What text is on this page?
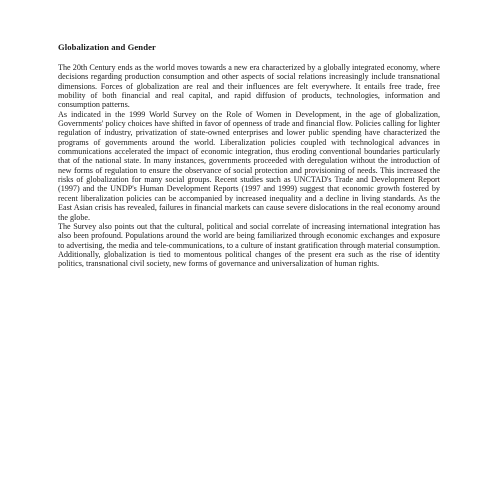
Globalization and Gender

The 20th Century ends as the world moves towards a new era characterized by a globally integrated economy, where decisions regarding production consumption and other aspects of social relations increasingly include transnational dimensions. Forces of globalization are real and their influences are felt everywhere. It entails free trade, free mobility of both financial and real capital, and rapid diffusion of products, technologies, information and consumption patterns.

As indicated in the 1999 World Survey on the Role of Women in Development, in the age of globalization, Governments' policy choices have shifted in favor of openness of trade and financial flow. Policies calling for lighter regulation of industry, privatization of state-owned enterprises and lower public spending have characterized the programs of governments around the world. Liberalization policies coupled with technological advances in communications accelerated the impact of economic integration, thus eroding conventional boundaries particularly that of the national state. In many instances, governments proceeded with deregulation without the introduction of new forms of regulation to ensure the observance of social protection and provisioning of needs. This increased the risks of globalization for many social groups. Recent studies such as UNCTAD's Trade and Development Report (1997) and the UNDP's Human Development Reports (1997 and 1999) suggest that economic growth fostered by recent liberalization policies can be accompanied by increased inequality and a decline in living standards. As the East Asian crisis has revealed, failures in financial markets can cause severe dislocations in the real economy around the globe.

The Survey also points out that the cultural, political and social correlate of increasing international integration has also been profound. Populations around the world are being familiarized through economic exchanges and exposure to advertising, the media and tele-communications, to a culture of instant gratification through material consumption. Additionally, globalization is tied to momentous political changes of the present era such as the rise of identity politics, transnational civil society, new forms of governance and universalization of human rights.
